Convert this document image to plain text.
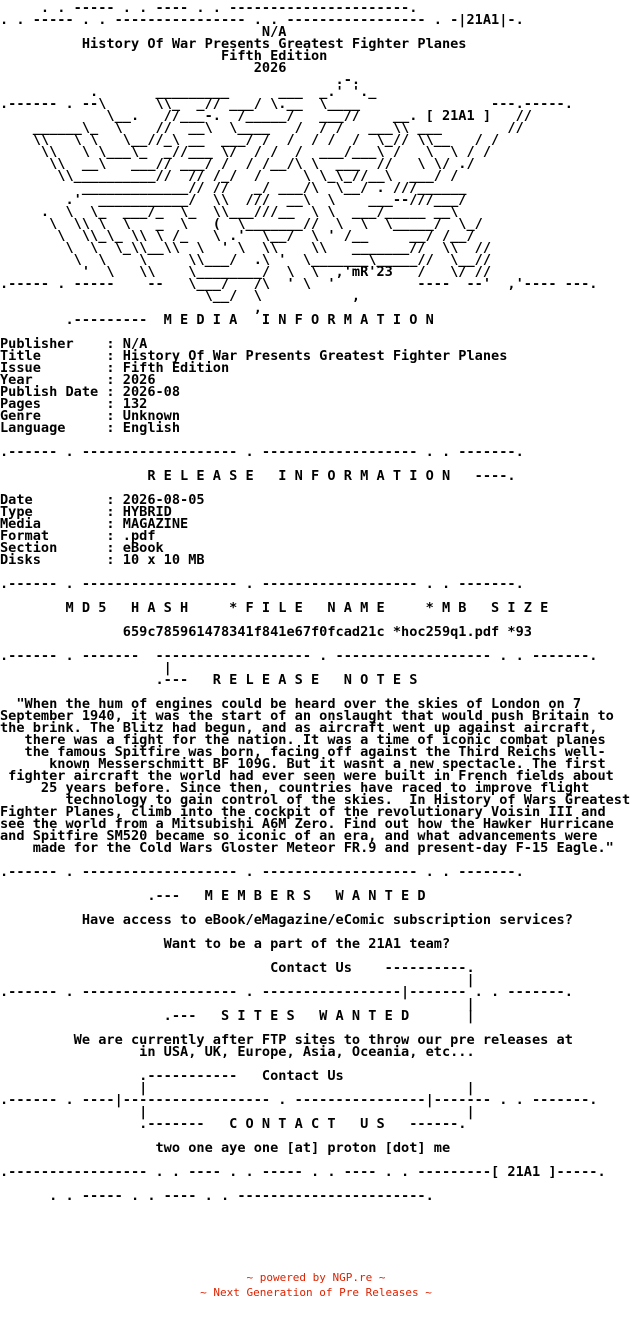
. . ----- . . ---- . . ----------------------.
. . ----- . . ---------------- . . ----------------- . -|21A1|-.
N/A
History Of War Presents Greatest Fighter Planes
Fifth Edition
2026
.-.
.       _________      ___  _.' '._
.------ . --\      \\_  _// ___/ \.__  \____                ---.-----.
\__.   //___-.  /_____/   ___//    __. [ 21A1 ]   //
______\_  \    //  __\  \____   /  / /   ___\\ ___        //
\\   \ \   \__//_\ __  ___/ /  /  / /  /  \_// \\__   / /
\\   \ \___\_  _//___ \/  / /  /  ___/___\ /   \  \ / /
\\  __\   ___// ___/ /  / /__/\ \  ___  //   \ \/ ./
\\__________//  // /_/  /     \ \_\_//__\  ___/ /
_____________// //   _/ ___/\  \__/ . ///______
.'  ___________/  \\  ///  __\  \    ___--///___/
.  \  \_  ___/_  \_  \\___///__  \ \  ___/_____ __\
\  \\ \  \   _  \   (  \_______//  \  \  \_____/  \_/
\  \\_\_ \\ \ /_   \ .'  \__/  \ ' /__     __/ /__/
\  \  \_\\__\\  \  ' \  \\    \\   _______//  \\  //
\  \    \     \\___/  .\ '  \_______\_____//  \__//
'  \   \\    \________/  \  \  ,'mR'23   /   \/ //
.----- . -----    --   \___/   /\  ' \  '          ----  --'  ,'---- ---.
\__/  \           ,
,
.---------  M E D I A   I N F O R M A T I O N
Publisher    : N/A
Title        : History Of War Presents Greatest Fighter Planes
Issue        : Fifth Edition
Year         : 2026
Publish Date : 2026-08
Pages        : 132
Genre        : Unknown
Language     : English
.------ . ------------------- . ------------------- . . -------.
R E L E A S E   I N F O R M A T I O N   ----.
Date         : 2026-08-05
Type         : HYBRID
Media        : MAGAZINE
Format       : .pdf
Section      : eBook
Disks        : 10 x 10 MB
.------ . ------------------- . ------------------- . . -------.
M D 5   H A S H     * F I L E   N A M E     * M B   S I Z E
659c785961478341f841e67f0fcad21c *hoc259q1.pdf *93
.------ . -------  ------------------- . ------------------- . . -------.
|
.---   R E L E A S E   N O T E S
"When the hum of engines could be heard over the skies of London on 7
September 1940, it was the start of an onslaught that would push Britain to
the brink. The Blitz had begun, and as aircraft went up against aircraft,
there was a fight for the nation. It was a time of iconic combat planes
the famous Spitfire was born, facing off against the Third Reichs well-
known Messerschmitt BF 109G. But it wasnt a new spectacle. The first
fighter aircraft the world had ever seen were built in French fields about
25 years before. Since then, countries have raced to improve flight
technology to gain control of the skies.  In History of Wars Greatest
Fighter Planes, climb into the cockpit of the revolutionary Voisin III and
see the world from a Mitsubishi A6M Zero. Find out how the Hawker Hurricane
and Spitfire SM520 became so iconic of an era, and what advancements were
made for the Cold Wars Gloster Meteor FR.9 and present-day F-15 Eagle."
.------ . ------------------- . ------------------- . . -------.
.---   M E M B E R S   W A N T E D
Have access to eBook/eMagazine/eComic subscription services?
Want to be a part of the 21A1 team?
Contact Us    ----------.
|
.------ . ------------------- . -----------------|------- . . -------.
|
.---   S I T E S   W A N T E D       |
We are currently after FTP sites to throw our pre releases at
in USA, UK, Europe, Asia, Oceania, etc...
.-----------   Contact Us
|                                       |
.------ . ----|------------------ . ----------------|------- . . -------.
|                                       |
.-------   C O N T A C T   U S   ------.
two one aye one [at] proton [dot] me
.----------------- . . ---- . . ----- . . ---- . . ---------[ 21A1 ]-----.
. . ----- . . ---- . . -----------------------.
~ powered by NGP.re ~
~ Next Generation of Pre Releases ~
